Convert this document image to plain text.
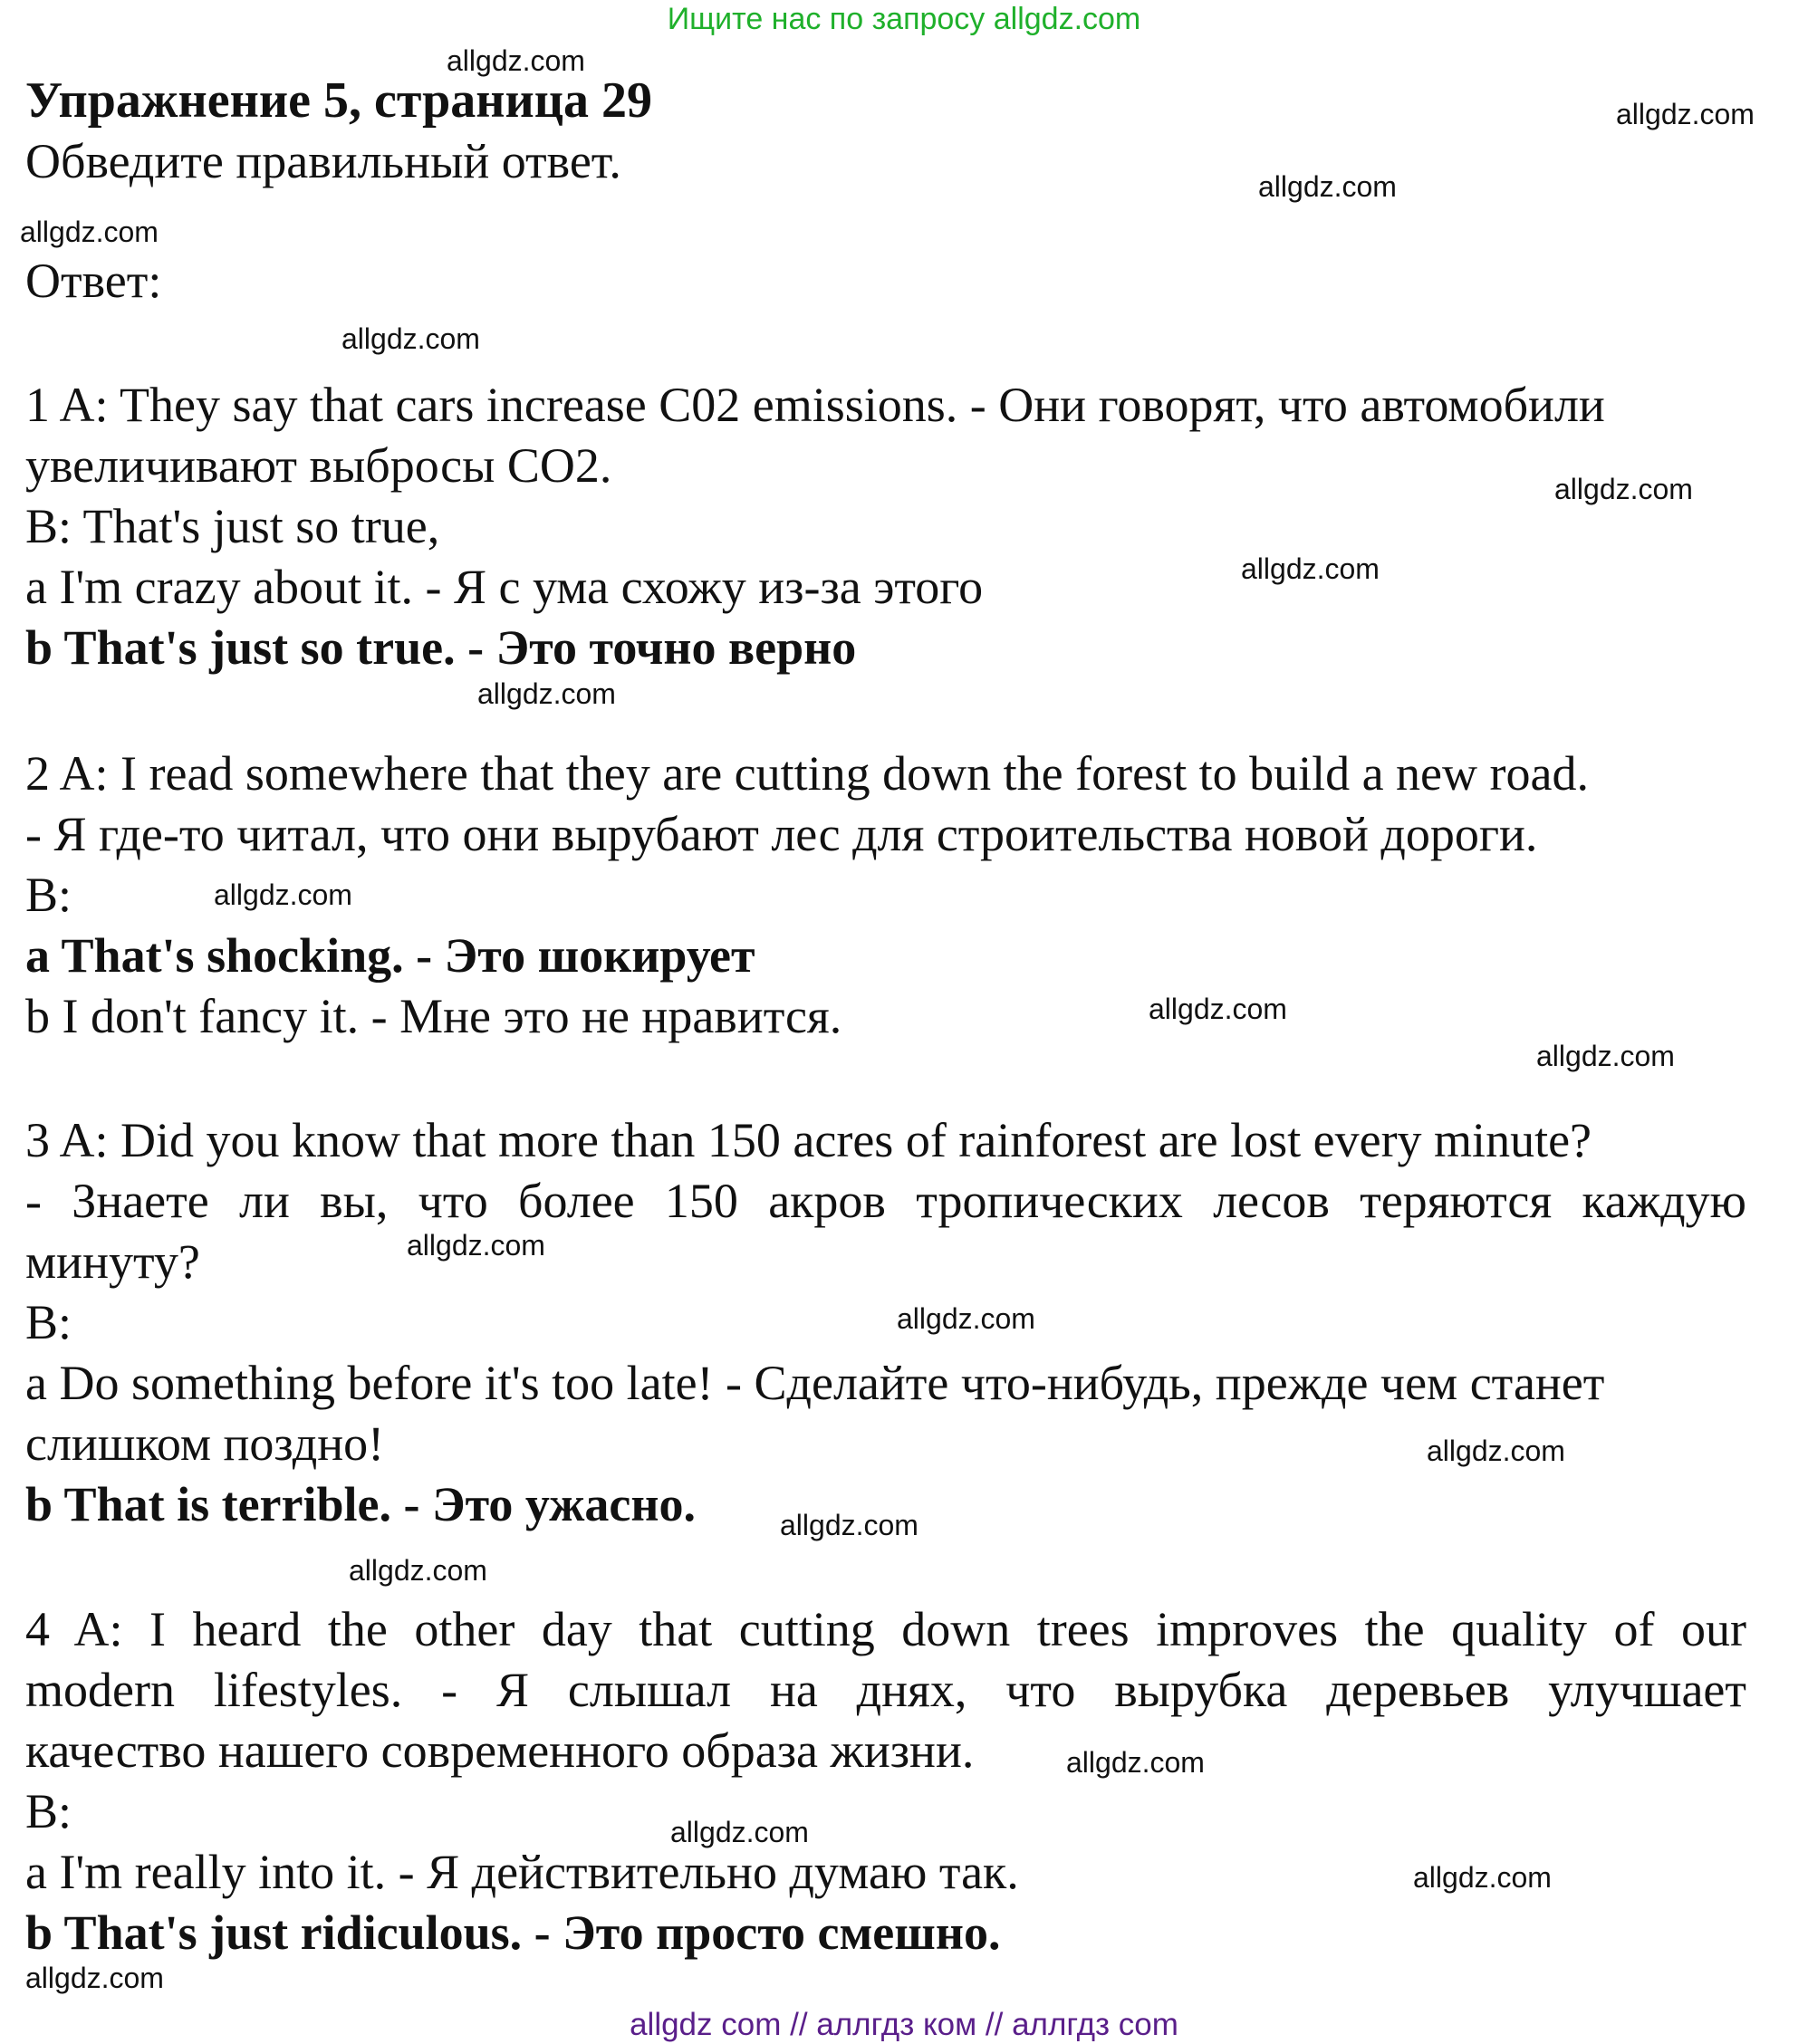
Ищите нас по запросу allgdz.com
Упражнение 5, страница 29
Обведите правильный ответ.
Ответ:
1 A: They say that cars increase C02 emissions. - Они говорят, что автомобили
увеличивают выбросы CO2.
B: That's just so true,
a I'm crazy about it. - Я с ума схожу из-за этого
b That's just so true. - Это точно верно
2 A: I read somewhere that they are cutting down the forest to build a new road.
- Я где-то читал, что они вырубают лес для строительства новой дороги.
B:
a That's shocking. - Это шокирует
b I don't fancy it. - Мне это не нравится.
3 A: Did you know that more than 150 acres of rainforest are lost every minute?
- Знаете ли вы, что более 150 акров тропических лесов теряются каждую
минуту?
B:
a Do something before it's too late! - Сделайте что-нибудь, прежде чем станет
слишком поздно!
b That is terrible. - Это ужасно.
4 A: I heard the other day that cutting down trees improves the quality of our
modern lifestyles. - Я слышал на днях, что вырубка деревьев улучшает
качество нашего современного образа жизни.
B:
a I'm really into it. - Я действительно думаю так.
b That's just ridiculous. - Это просто смешно.
allgdz.com
allgdz.com
allgdz.com
allgdz.com
allgdz.com
allgdz.com
allgdz.com
allgdz.com
allgdz.com
allgdz.com
allgdz.com
allgdz.com
allgdz.com
allgdz.com
allgdz.com
allgdz.com
allgdz.com
allgdz.com
allgdz.com
allgdz.com
allgdz com // аллгдз ком // аллгдз com
